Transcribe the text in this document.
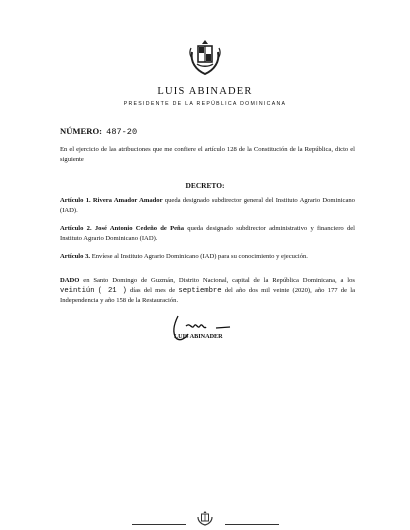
LUIS ABINADER
PRESIDENTE DE LA REPÚBLICA DOMINICANA
NÚMERO: 487-20
En el ejercicio de las atribuciones que me confiere el artículo 128 de la Constitución de la República, dicto el siguiente
DECRETO:
Artículo 1. Rivera Amador Amador queda designado subdirector general del Instituto Agrario Dominicano (IAD).
Artículo 2. José Antonio Cedeño de Peña queda designado subdirector administrativo y financiero del Instituto Agrario Dominicano (IAD).
Artículo 3. Envíese al Instituto Agrario Dominicano (IAD) para su conocimiento y ejecución.
DADO en Santo Domingo de Guzmán, Distrito Nacional, capital de la República Dominicana, a los veintiún ( 21 ) días del mes de septiembre del año dos mil veinte (2020), año 177 de la Independencia y año 158 de la Restauración.
LUIS ABINADER
